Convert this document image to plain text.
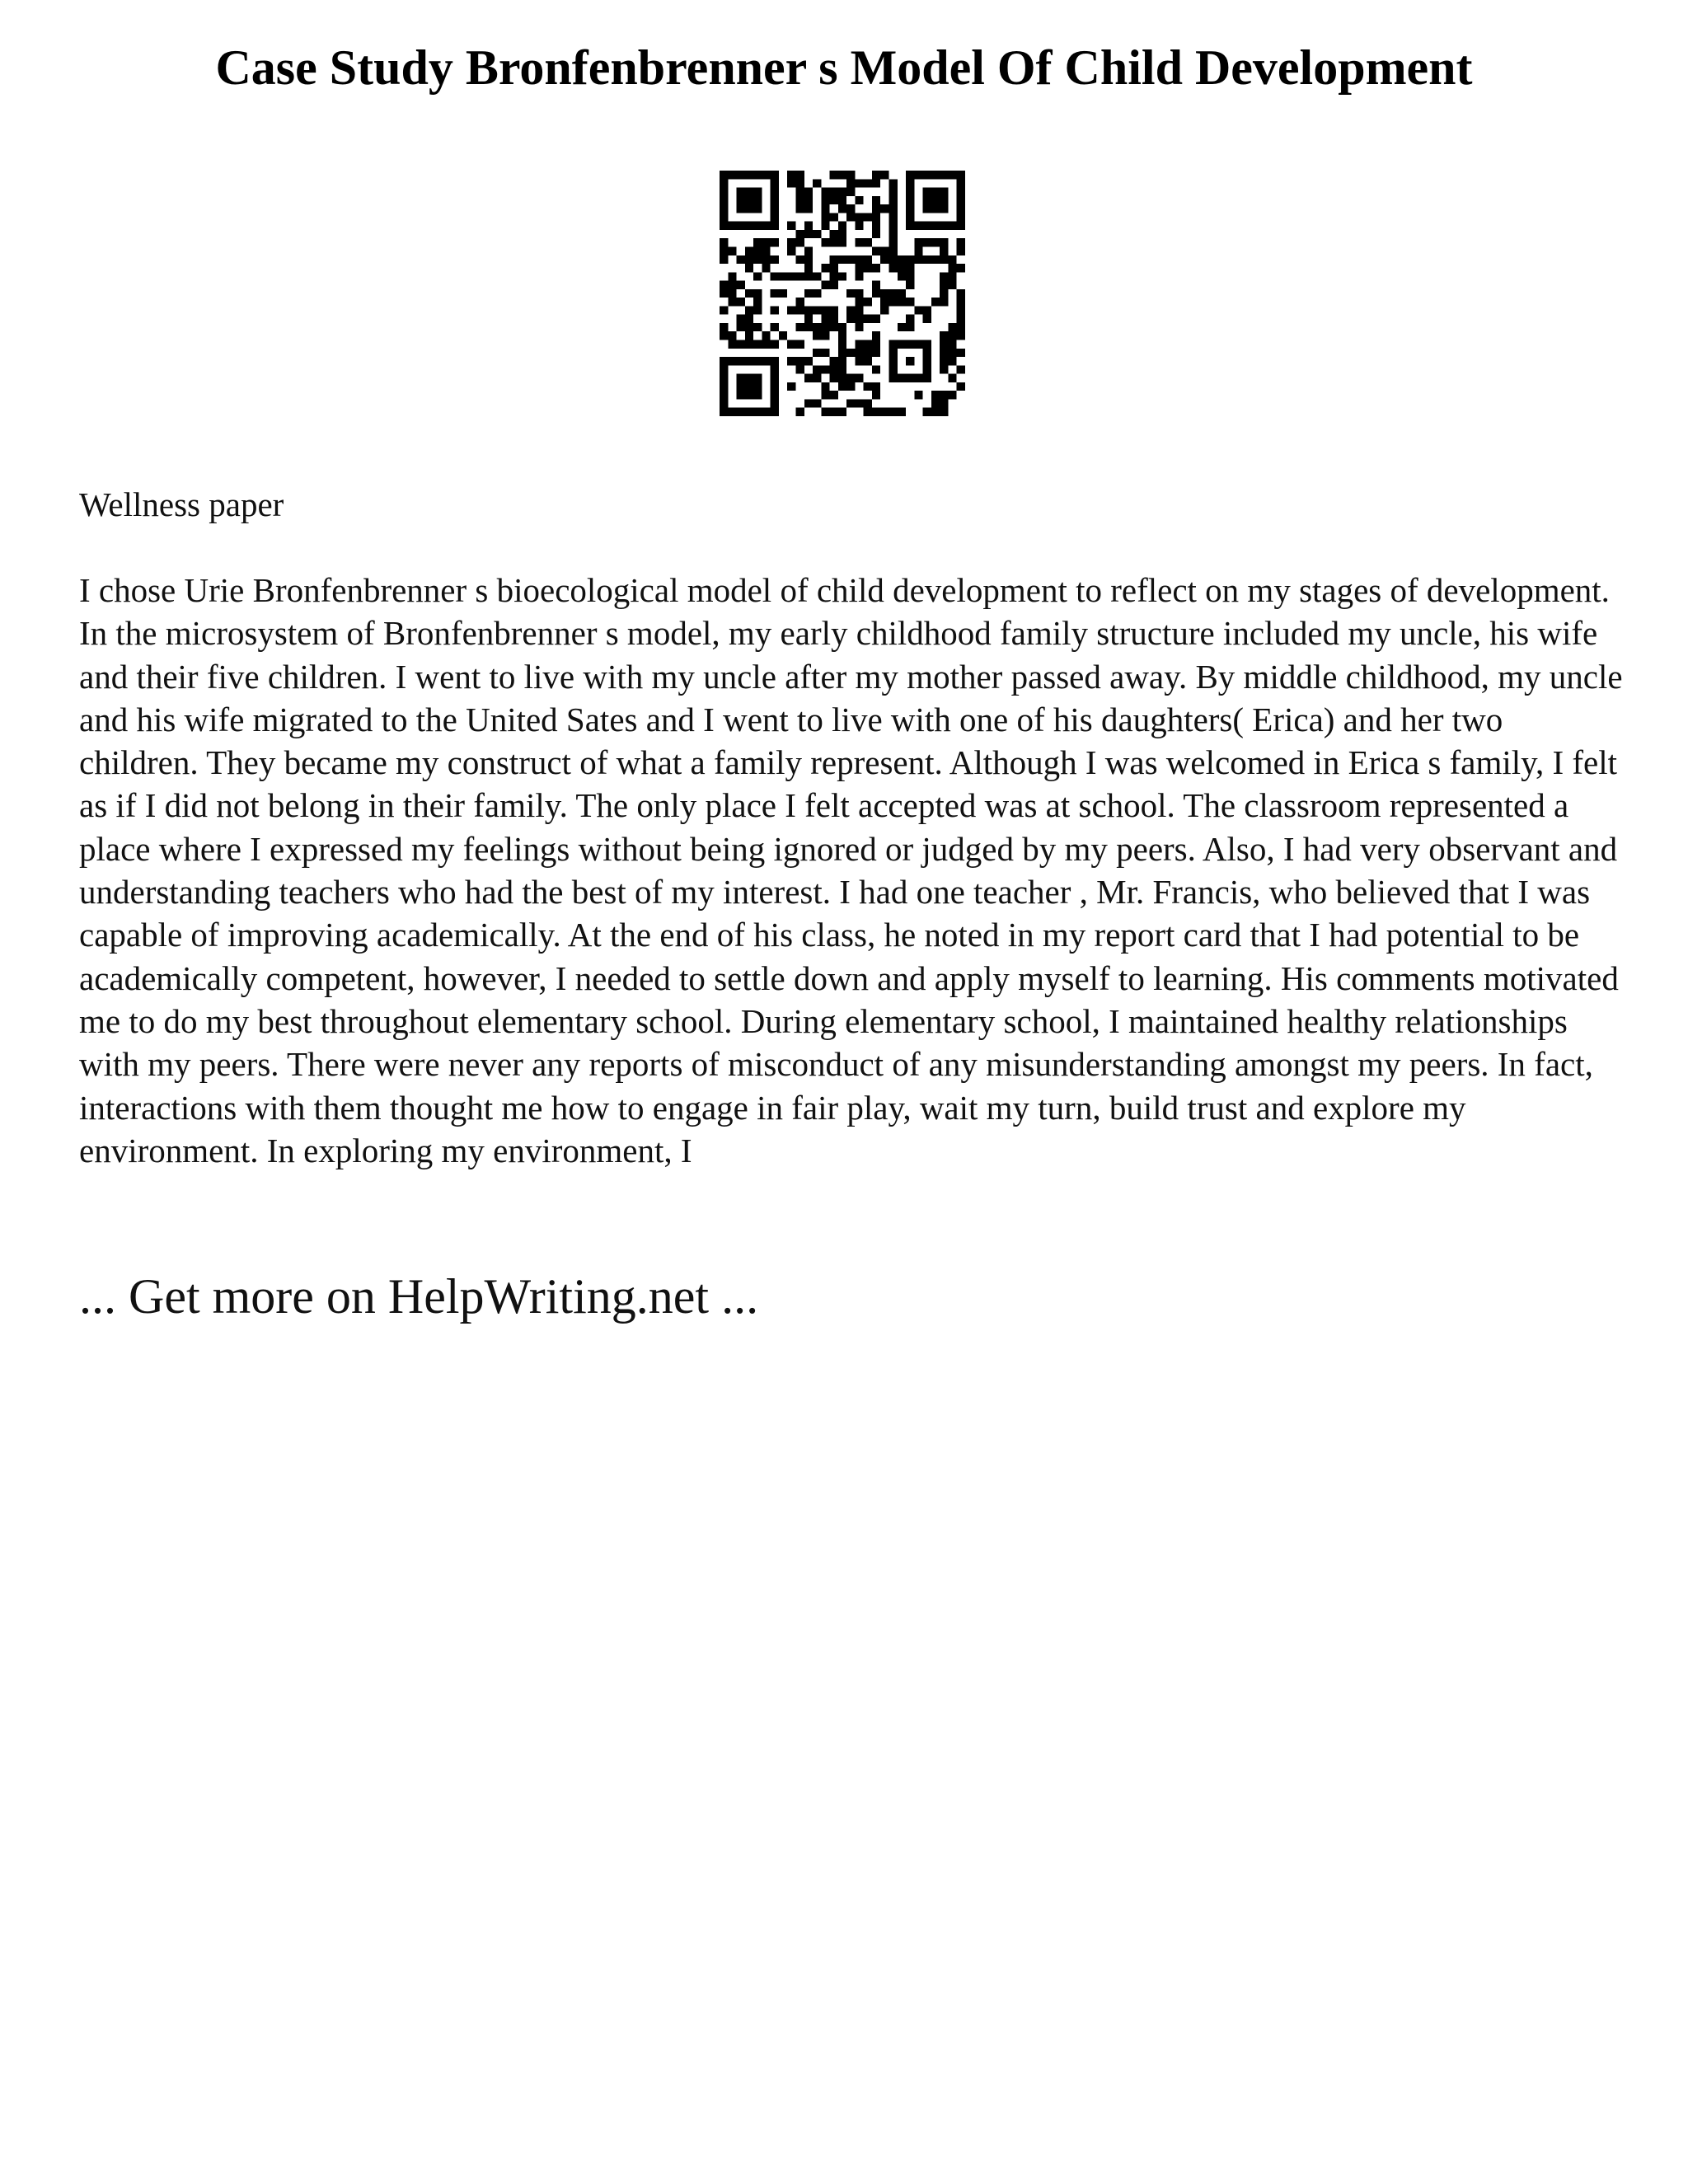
Case Study Bronfenbrenner s Model Of Child Development

Wellness paper

I chose Urie Bronfenbrenner s bioecological model of child development to reflect on my stages of development. In the microsystem of Bronfenbrenner s model, my early childhood family structure included my uncle, his wife and their five children. I went to live with my uncle after my mother passed away. By middle childhood, my uncle and his wife migrated to the United Sates and I went to live with one of his daughters( Erica) and her two children. They became my construct of what a family represent. Although I was welcomed in Erica s family, I felt as if I did not belong in their family. The only place I felt accepted was at school. The classroom represented a place where I expressed my feelings without being ignored or judged by my peers. Also, I had very observant and understanding teachers who had the best of my interest. I had one teacher , Mr. Francis, who believed that I was capable of improving academically. At the end of his class, he noted in my report card that I had potential to be academically competent, however, I needed to settle down and apply myself to learning. His comments motivated me to do my best throughout elementary school. During elementary school, I maintained healthy relationships with my peers. There were never any reports of misconduct of any misunderstanding amongst my peers. In fact, interactions with them thought me how to engage in fair play, wait my turn, build trust and explore my environment. In exploring my environment, I

... Get more on HelpWriting.net ...
